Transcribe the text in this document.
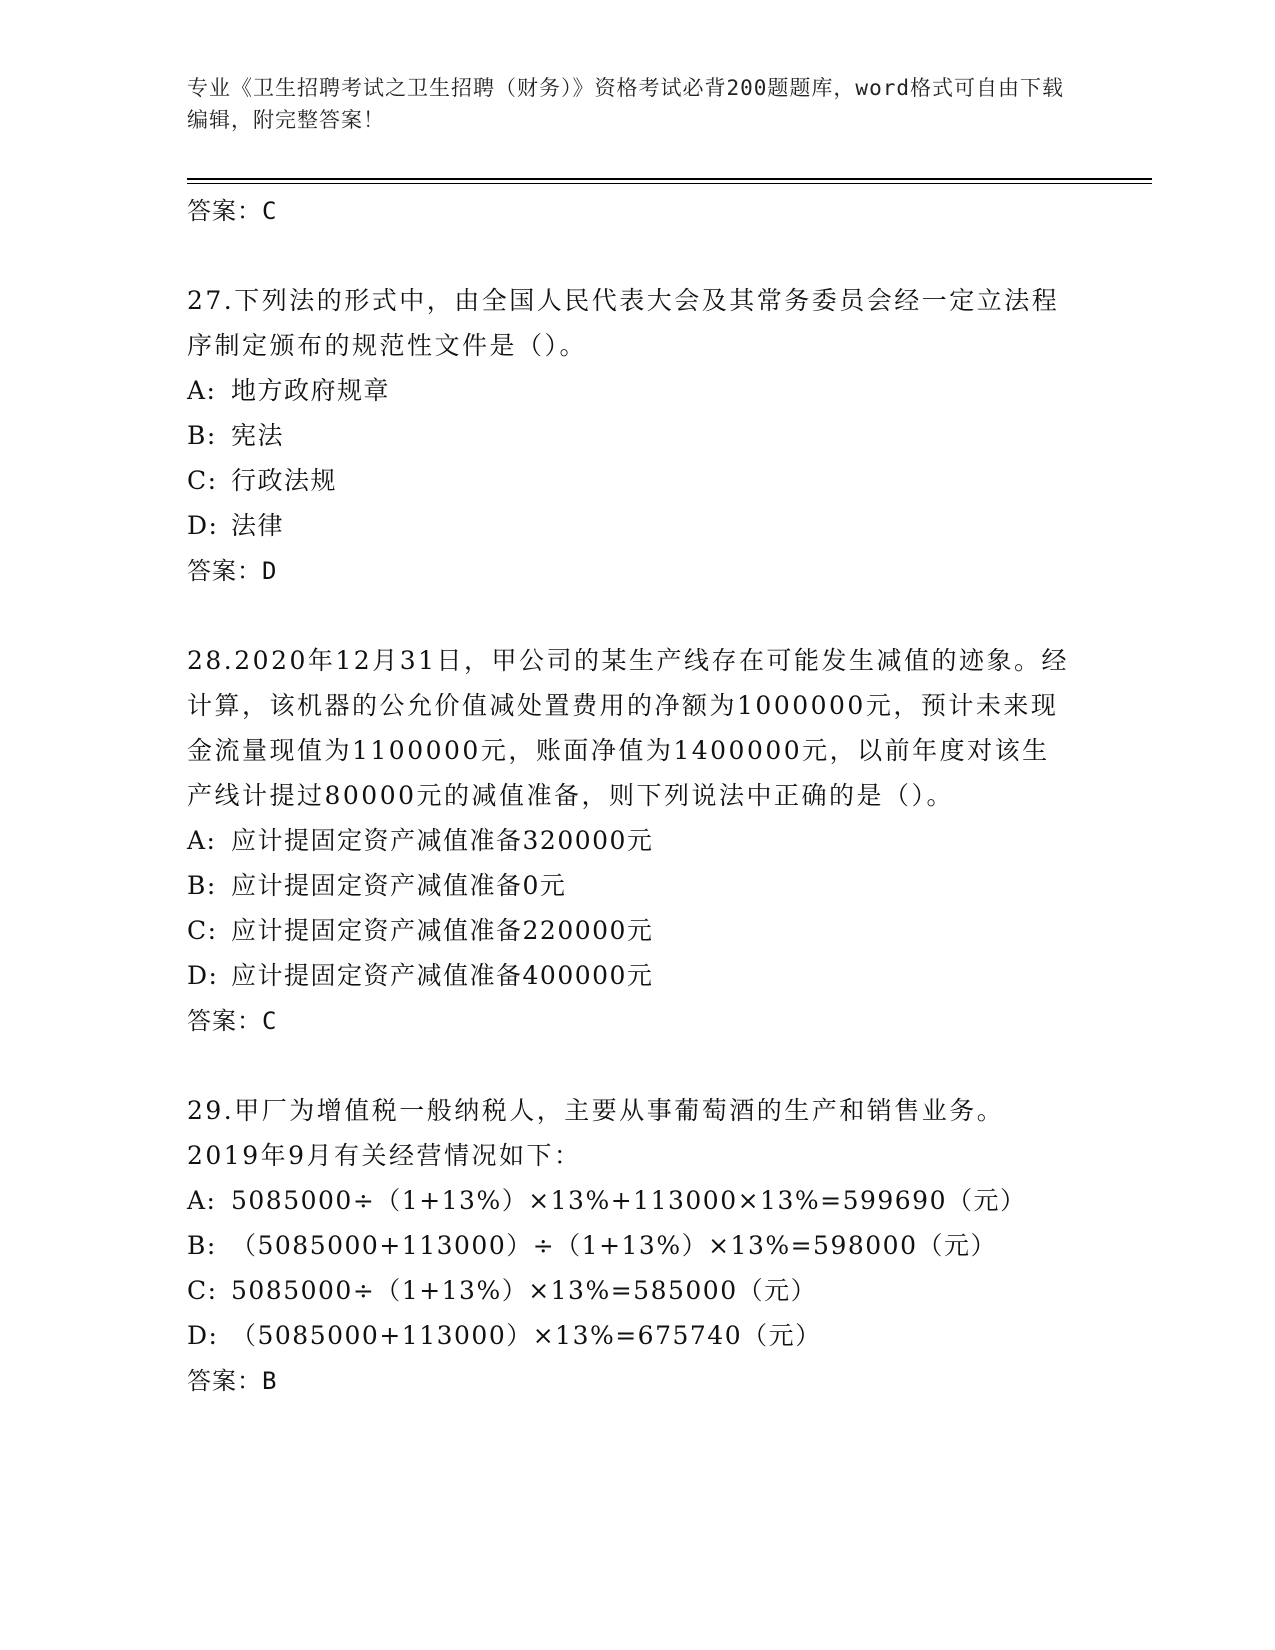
专业《卫生招聘考试之卫生招聘（财务）》资格考试必背200题题库，word格式可自由下载编辑，附完整答案！
答案：C
27.下列法的形式中，由全国人民代表大会及其常务委员会经一定立法程序制定颁布的规范性文件是（）。
A: 地方政府规章
B: 宪法
C: 行政法规
D: 法律
答案：D
28.2020年12月31日，甲公司的某生产线存在可能发生减值的迹象。经计算，该机器的公允价值减处置费用的净额为1000000元，预计未来现金流量现值为1100000元，账面净值为1400000元，以前年度对该生产线计提过80000元的减值准备，则下列说法中正确的是（）。
A: 应计提固定资产减值准备320000元
B: 应计提固定资产减值准备0元
C: 应计提固定资产减值准备220000元
D: 应计提固定资产减值准备400000元
答案：C
29.甲厂为增值税一般纳税人，主要从事葡萄酒的生产和销售业务。2019年9月有关经营情况如下：
A: 5085000÷（1+13%）×13%+113000×13%=599690（元）
B: （5085000+113000）÷（1+13%）×13%=598000（元）
C: 5085000÷（1+13%）×13%=585000（元）
D: （5085000+113000）×13%=675740（元）
答案：B
